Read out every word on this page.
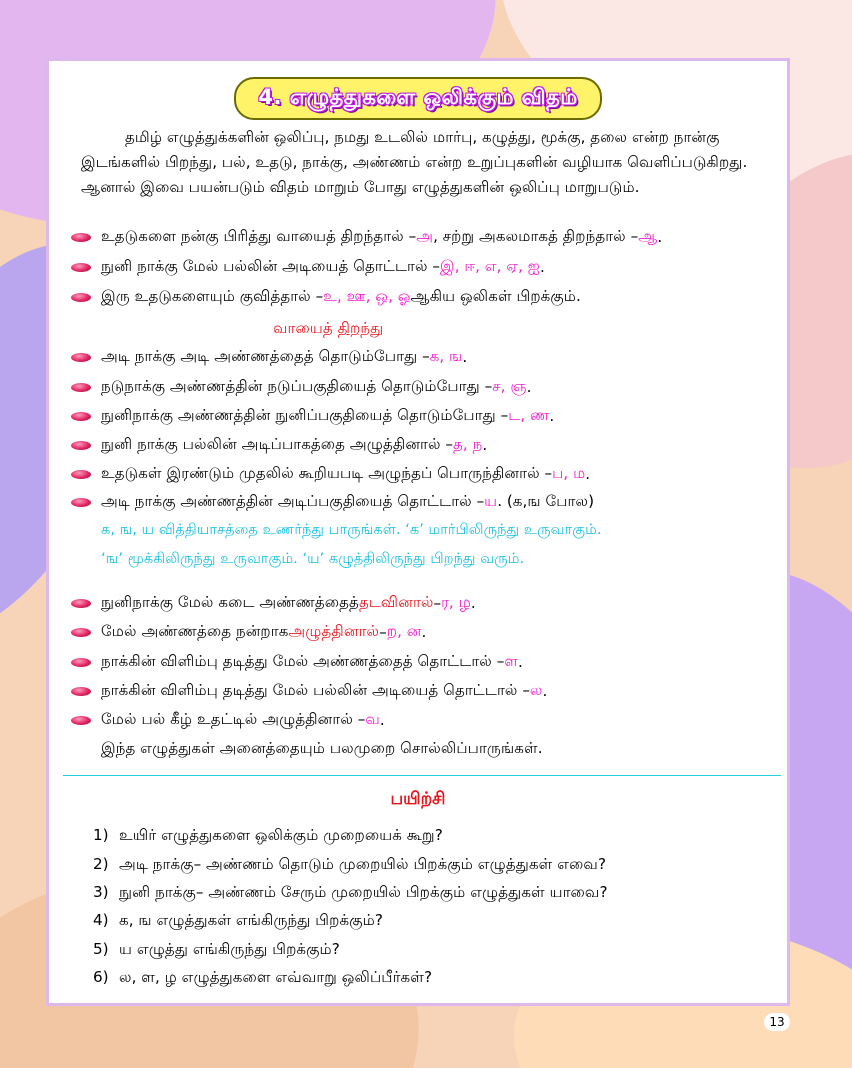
4. எழுத்துகளை ஒலிக்கும் விதம்
தமிழ் எழுத்துக்களின் ஒலிப்பு, நமது உடலில் மார்பு, கழுத்து, மூக்கு, தலை என்ற நான்கு இடங்களில் பிறந்து, பல், உதடு, நாக்கு, அண்ணம் என்ற உறுப்புகளின் வழியாக வெளிப்படுகிறது. ஆனால் இவை பயன்படும் விதம் மாறும் போது எழுத்துகளின் ஒலிப்பு மாறுபடும்.
உதடுகளை நன்கு பிரித்து வாயைத் திறந்தால் – அ , சற்று அகலமாகத் திறந்தால் – ஆ .
நுனி நாக்கு மேல் பல்லின் அடியைத் தொட்டால் – இ, ஈ, எ, ஏ, ஐ .
இரு உதடுகளையும் குவித்தால் – உ, ஊ, ஒ, ஓ ஆகிய ஒலிகள் பிறக்கும்.
வாயைத் திறந்து
அடி நாக்கு அடி அண்ணத்தைத் தொடும்போது – க, ங .
நடுநாக்கு அண்ணத்தின் நடுப்பகுதியைத் தொடும்போது – ச, ஞ .
நுனிநாக்கு அண்ணத்தின் நுனிப்பகுதியைத் தொடும்போது – ட, ண .
நுனி நாக்கு பல்லின் அடிப்பாகத்தை அழுத்தினால் – த, ந .
உதடுகள் இரண்டும் முதலில் கூறியபடி அழுந்தப் பொருந்தினால் – ப, ம .
அடி நாக்கு அண்ணத்தின் அடிப்பகுதியைத் தொட்டால் – ய . (க,ங போல)
க, ங, ய வித்தியாசத்தை உணர்ந்து பாருங்கள். ‘க’ மார்பிலிருந்து உருவாகும்.
‘ங’ மூக்கிலிருந்து உருவாகும். ‘ய’ கழுத்திலிருந்து பிறந்து வரும்.
நுனிநாக்கு மேல் கடை அண்ணத்தைத் தடவினால் – ர, ழ .
மேல் அண்ணத்தை நன்றாக அழுத்தினால் – ற, ன .
நாக்கின் விளிம்பு தடித்து மேல் அண்ணத்தைத் தொட்டால் – ள .
நாக்கின் விளிம்பு தடித்து மேல் பல்லின் அடியைத் தொட்டால் – ல .
மேல் பல் கீழ் உதட்டில் அழுத்தினால் – வ .
இந்த எழுத்துகள் அனைத்தையும் பலமுறை சொல்லிப்பாருங்கள்.
பயிற்சி
1) உயிர் எழுத்துகளை ஒலிக்கும் முறையைக் கூறு?
2) அடி நாக்கு– அண்ணம் தொடும் முறையில் பிறக்கும் எழுத்துகள் எவை?
3) நுனி நாக்கு– அண்ணம் சேரும் முறையில் பிறக்கும் எழுத்துகள் யாவை?
4) க, ங எழுத்துகள் எங்கிருந்து பிறக்கும்?
5) ய எழுத்து எங்கிருந்து பிறக்கும்?
6) ல, ள, ழ எழுத்துகளை எவ்வாறு ஒலிப்பீர்கள்?
13
